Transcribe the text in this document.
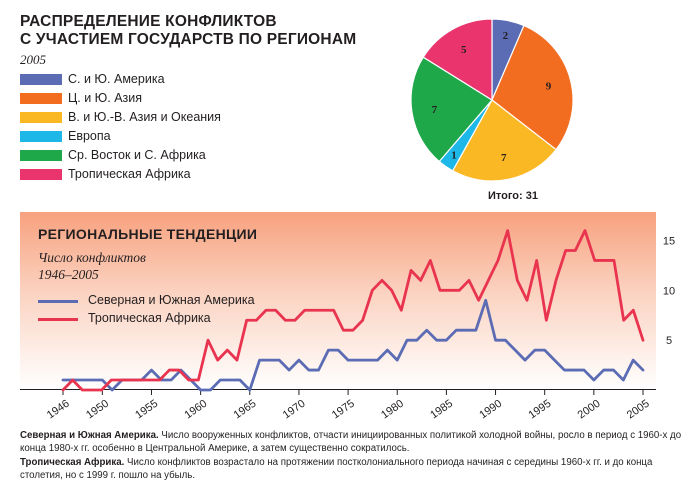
РАСПРЕДЕЛЕНИЕ КОНФЛИКТОВ
С УЧАСТИЕМ ГОСУДАРСТВ ПО РЕГИОНАМ
2005
С. и Ю. Америка
Ц. и Ю. Азия
В. и Ю.-В. Азия и Океания
Европа
Ср. Восток и С. Африка
Тропическая Африка
2
9
7
1
7
5
Итого: 31
5
10
15
1946 1950 1955 1960 1965 1970 1975 1980 1985 1990 1995 2000 2005
РЕГИОНАЛЬНЫЕ ТЕНДЕНЦИИ
Число конфликтов
1946–2005
Северная и Южная Америка
Тропическая Африка
Северная и Южная Америка. Число вооруженных конфликтов, отчасти инициированных политикой холодной войны, росло в период с 1960-х до конца 1980-х гг. особенно в Центральной Америке, а затем существенно сократилось.
Тропическая Африка. Число конфликтов возрастало на протяжении постколониального периода начиная с середины 1960-х гг. и до конца столетия, но с 1999 г. пошло на убыль.
